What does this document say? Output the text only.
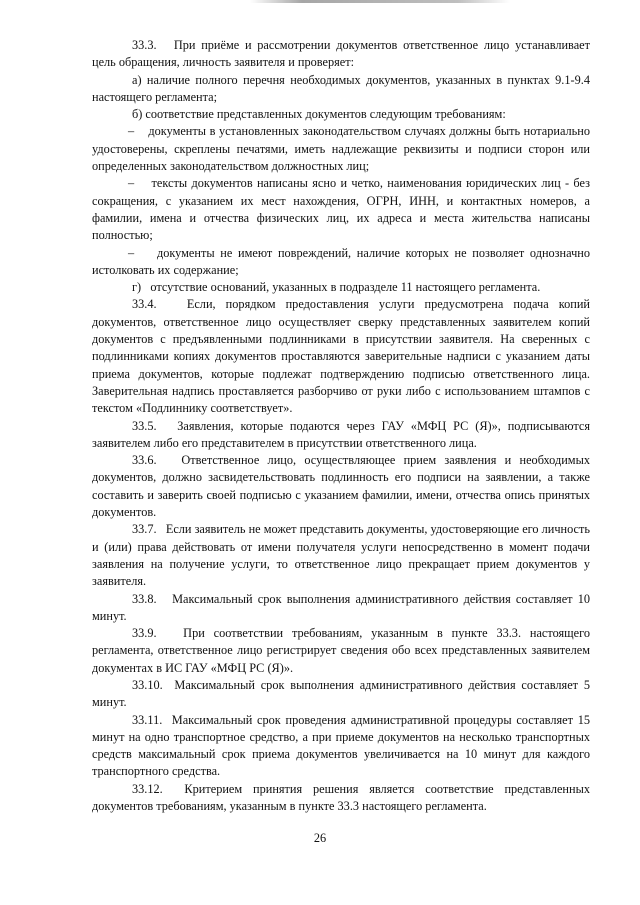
33.3.   При приёме и рассмотрении документов ответственное лицо устанавливает цель обращения, личность заявителя и проверяет:

а) наличие полного перечня необходимых документов, указанных в пунктах 9.1-9.4 настоящего регламента;

б) соответствие представленных документов следующим требованиям:

–    документы в установленных законодательством случаях должны быть нотариально удостоверены, скреплены печатями, иметь надлежащие реквизиты и подписи сторон или определенных законодательством должностных лиц;

–    тексты документов написаны ясно и четко, наименования юридических лиц - без сокращения, с указанием их мест нахождения, ОГРН, ИНН, и контактных номеров, а фамилии, имена и отчества физических лиц, их адреса и места жительства написаны полностью;

–    документы не имеют повреждений, наличие которых не позволяет однозначно истолковать их содержание;

г)   отсутствие оснований, указанных в подразделе 11 настоящего регламента.

33.4.   Если, порядком предоставления услуги предусмотрена подача копий документов, ответственное лицо осуществляет сверку представленных заявителем копий документов с предъявленными подлинниками в присутствии заявителя. На сверенных с подлинниками копиях документов проставляются заверительные надписи с указанием даты приема документов, которые подлежат подтверждению подписью ответственного лица. Заверительная надпись проставляется разборчиво от руки либо с использованием штампов с текстом «Подлиннику соответствует».

33.5.   Заявления, которые подаются через ГАУ «МФЦ РС (Я)», подписываются заявителем либо его представителем в присутствии ответственного лица.

33.6.   Ответственное лицо, осуществляющее прием заявления и необходимых документов, должно засвидетельствовать подлинность его подписи на заявлении, а также составить и заверить своей подписью с указанием фамилии, имени, отчества опись принятых документов.

33.7.   Если заявитель не может представить документы, удостоверяющие его личность и (или) права действовать от имени получателя услуги непосредственно в момент подачи заявления на получение услуги, то ответственное лицо прекращает прием документов у заявителя.

33.8.   Максимальный срок выполнения административного действия составляет 10 минут.

33.9.   При соответствии требованиям, указанным в пункте 33.3. настоящего регламента, ответственное лицо регистрирует сведения обо всех представленных заявителем документах в ИС ГАУ «МФЦ РС (Я)».

33.10.  Максимальный срок выполнения административного действия составляет 5 минут.

33.11.  Максимальный срок проведения административной процедуры составляет 15 минут на одно транспортное средство, а при приеме документов на несколько транспортных средств максимальный срок приема документов увеличивается на 10 минут для каждого транспортного средства.

33.12.  Критерием принятия решения является соответствие представленных документов требованиям, указанным в пункте 33.3 настоящего регламента.

26
